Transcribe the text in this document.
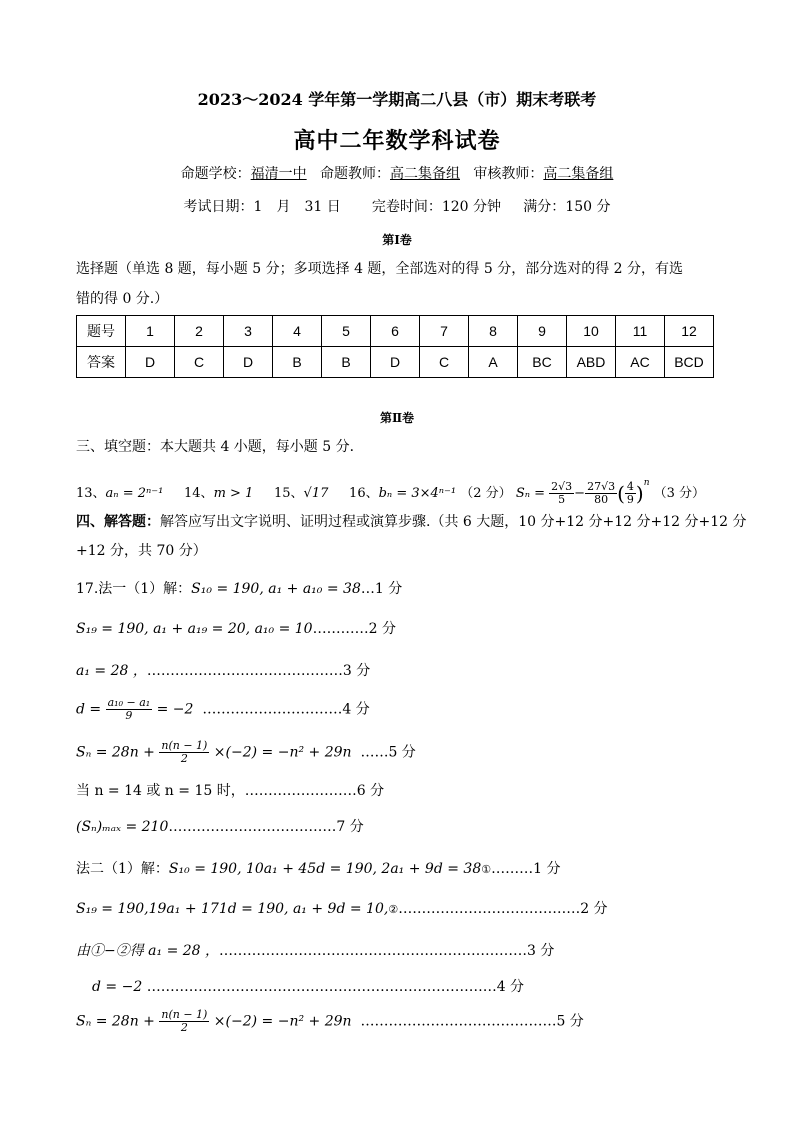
2023～2024 学年第一学期高二八县（市）期末考联考
高中二年数学科试卷
命题学校：福清一中 命题教师：高二集备组 审核教师：高二集备组
考试日期：1　月　31 日 完卷时间：120 分钟 满分：150 分
第Ⅰ卷
选择题（单选 8 题，每小题 5 分；多项选择 4 题，全部选对的得 5 分，部分选对的得 2 分，有选
错的得 0 分.）
题号	1	2	3	4	5	6	7	8	9	10	11	12
答案	D	C	D	B	B	D	C	A	BC	ABD	AC	BCD
第Ⅱ卷
三、填空题：本大题共 4 小题，每小题 5 分．
13、aₙ = 2ⁿ⁻¹ 14、m > 1 15、√17 16、bₙ = 3×4ⁿ⁻¹ （2 分） $S_n = \frac{2√3}{5} - \frac{27√3}{80}$ ( $\frac{4}{9} )^n$ （3 分）
四、解答题：解答应写出文字说明、证明过程或演算步骤.（共 6 大题，10 分+12 分+12 分+12 分+12 分
+12 分，共 70 分）
17.法一（1）解：S₁₀ = 190, a₁ + a₁₀ = 38…1 分
S₁₉ = 190, a₁ + a₁₉ = 20, a₁₀ = 10…………2 分
a₁ = 28 ，……………………………………3 分
$d = \frac{\text{a₁₀ − a₁}}{9} = -2$ …………………………4 分
$S_n = 28n + \frac{n(n - 1)}{2} \times(-2) = -n^2 + 29n$ ……5 分
当 n = 14 或 n = 15 时，……………………6 分
(Sₙ)ₘₐₓ = 210………………………………7 分
法二（1）解：S₁₀ = 190, 10a₁ + 45d = 190, 2a₁ + 9d = 38①………1 分
S₁₉ = 190,19a₁ + 171d = 190, a₁ + 9d = 10,②…………………………………2 分
由①−②得 a₁ = 28 ，…………………………………………………………3 分
d = −2 …………………………………………………………………4 分
$S_n = 28n + \frac{n(n - 1)}{2} \times(-2) = -n^2 + 29n$ ……………………………………5 分
